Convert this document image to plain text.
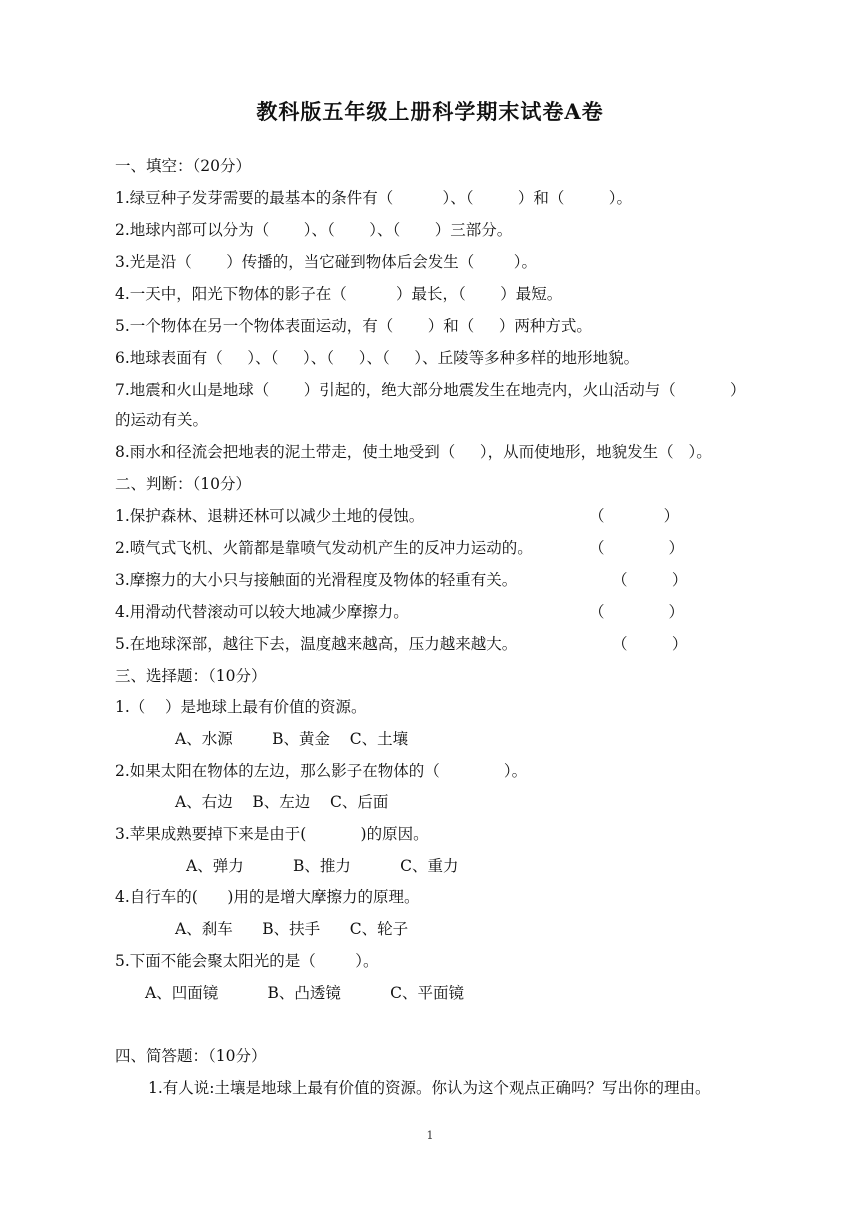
教科版五年级上册科学期末试卷A卷
一、填空：（20分）
1.绿豆种子发芽需要的最基本的条件有（          ）、（         ）和（         ）。
2.地球内部可以分为（       ）、（       ）、（       ）三部分。
3.光是沿（       ）传播的，当它碰到物体后会发生（        ）。
4.一天中，阳光下物体的影子在（          ）最长，（       ）最短。
5.一个物体在另一个物体表面运动，有（       ）和（     ）两种方式。
6.地球表面有（     ）、（     ）、（     ）、（     ）、丘陵等多种多样的地形地貌。
7.地震和火山是地球（       ）引起的，绝大部分地震发生在地壳内，火山活动与（           ）
的运动有关。
8.雨水和径流会把地表的泥土带走，使土地受到（     ），从而使地形，地貌发生（   ）。
二、判断：（10分）
1.保护森林、退耕还林可以减少土地的侵蚀。	（            ）
2.喷气式飞机、火箭都是靠喷气发动机产生的反冲力运动的。	（             ）
3.摩擦力的大小只与接触面的光滑程度及物体的轻重有关。	（         ）
4.用滑动代替滚动可以较大地减少摩擦力。	（             ）
5.在地球深部，越往下去，温度越来越高，压力越来越大。	（         ）
三、选择题：（10分）
1.（    ）是地球上最有价值的资源。
A、水源        B、黄金    C、土壤
2.如果太阳在物体的左边，那么影子在物体的（             ）。
A、右边    B、左边    C、后面
3.苹果成熟要掉下来是由于(           )的原因。
A、弹力          B、推力          C、重力
4.自行车的(      )用的是增大摩擦力的原理。
A、刹车      B、扶手      C、轮子
5.下面不能会聚太阳光的是（        ）。
A、凹面镜          B、凸透镜          C、平面镜
四、简答题：（10分）
1.有人说:土壤是地球上最有价值的资源。你认为这个观点正确吗？写出你的理由。
1
